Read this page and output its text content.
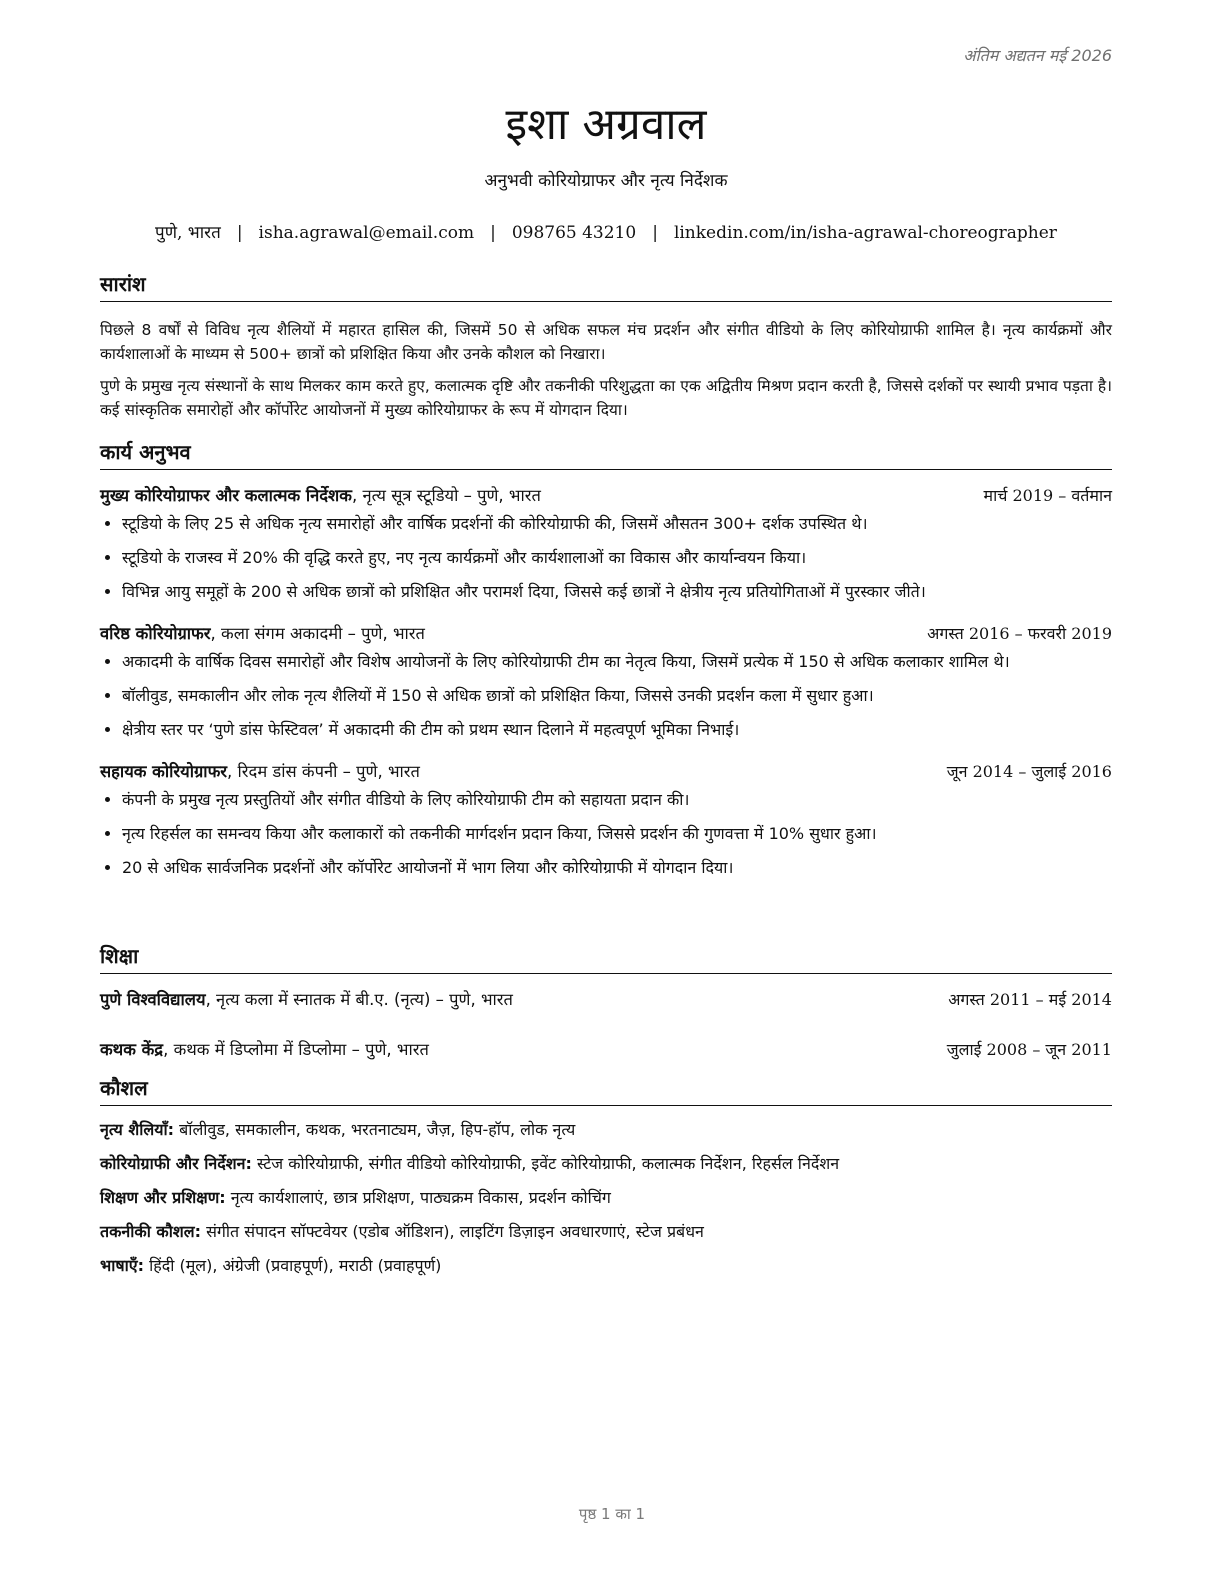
अंतिम अद्यतन मई 2026
इशा अग्रवाल
अनुभवी कोरियोग्राफर और नृत्य निर्देशक
पुणे, भारत | isha.agrawal@email.com | 098765 43210 | linkedin.com/in/isha-agrawal-choreographer
सारांश

पिछले 8 वर्षों से विविध नृत्य शैलियों में महारत हासिल की, जिसमें 50 से अधिक सफल मंच प्रदर्शन और संगीत वीडियो के लिए कोरियोग्राफी शामिल है। नृत्य कार्यक्रमों और कार्यशालाओं के माध्यम से 500+ छात्रों को प्रशिक्षित किया और उनके कौशल को निखारा।

पुणे के प्रमुख नृत्य संस्थानों के साथ मिलकर काम करते हुए, कलात्मक दृष्टि और तकनीकी परिशुद्धता का एक अद्वितीय मिश्रण प्रदान करती है, जिससे दर्शकों पर स्थायी प्रभाव पड़ता है। कई सांस्कृतिक समारोहों और कॉर्पोरेट आयोजनों में मुख्य कोरियोग्राफर के रूप में योगदान दिया।

कार्य अनुभव
मुख्य कोरियोग्राफर और कलात्मक निर्देशक, नृत्य सूत्र स्टूडियो – पुणे, भारत	मार्च 2019 – वर्तमान
• स्टूडियो के लिए 25 से अधिक नृत्य समारोहों और वार्षिक प्रदर्शनों की कोरियोग्राफी की, जिसमें औसतन 300+ दर्शक उपस्थित थे।
• स्टूडियो के राजस्व में 20% की वृद्धि करते हुए, नए नृत्य कार्यक्रमों और कार्यशालाओं का विकास और कार्यान्वयन किया।
• विभिन्न आयु समूहों के 200 से अधिक छात्रों को प्रशिक्षित और परामर्श दिया, जिससे कई छात्रों ने क्षेत्रीय नृत्य प्रतियोगिताओं में पुरस्कार जीते।
वरिष्ठ कोरियोग्राफर, कला संगम अकादमी – पुणे, भारत	अगस्त 2016 – फरवरी 2019
• अकादमी के वार्षिक दिवस समारोहों और विशेष आयोजनों के लिए कोरियोग्राफी टीम का नेतृत्व किया, जिसमें प्रत्येक में 150 से अधिक कलाकार शामिल थे।
• बॉलीवुड, समकालीन और लोक नृत्य शैलियों में 150 से अधिक छात्रों को प्रशिक्षित किया, जिससे उनकी प्रदर्शन कला में सुधार हुआ।
• क्षेत्रीय स्तर पर ‘पुणे डांस फेस्टिवल’ में अकादमी की टीम को प्रथम स्थान दिलाने में महत्वपूर्ण भूमिका निभाई।
सहायक कोरियोग्राफर, रिदम डांस कंपनी – पुणे, भारत	जून 2014 – जुलाई 2016
• कंपनी के प्रमुख नृत्य प्रस्तुतियों और संगीत वीडियो के लिए कोरियोग्राफी टीम को सहायता प्रदान की।
• नृत्य रिहर्सल का समन्वय किया और कलाकारों को तकनीकी मार्गदर्शन प्रदान किया, जिससे प्रदर्शन की गुणवत्ता में 10% सुधार हुआ।
• 20 से अधिक सार्वजनिक प्रदर्शनों और कॉर्पोरेट आयोजनों में भाग लिया और कोरियोग्राफी में योगदान दिया।
शिक्षा
पुणे विश्वविद्यालय, नृत्य कला में स्नातक में बी.ए. (नृत्य) – पुणे, भारत	अगस्त 2011 – मई 2014
कथक केंद्र, कथक में डिप्लोमा में डिप्लोमा – पुणे, भारत	जुलाई 2008 – जून 2011
कौशल
नृत्य शैलियाँ: बॉलीवुड, समकालीन, कथक, भरतनाट्यम, जैज़, हिप-हॉप, लोक नृत्य
कोरियोग्राफी और निर्देशन: स्टेज कोरियोग्राफी, संगीत वीडियो कोरियोग्राफी, इवेंट कोरियोग्राफी, कलात्मक निर्देशन, रिहर्सल निर्देशन
शिक्षण और प्रशिक्षण: नृत्य कार्यशालाएं, छात्र प्रशिक्षण, पाठ्यक्रम विकास, प्रदर्शन कोचिंग
तकनीकी कौशल: संगीत संपादन सॉफ्टवेयर (एडोब ऑडिशन), लाइटिंग डिज़ाइन अवधारणाएं, स्टेज प्रबंधन
भाषाएँ: हिंदी (मूल), अंग्रेजी (प्रवाहपूर्ण), मराठी (प्रवाहपूर्ण)
पृष्ठ 1 का 1
